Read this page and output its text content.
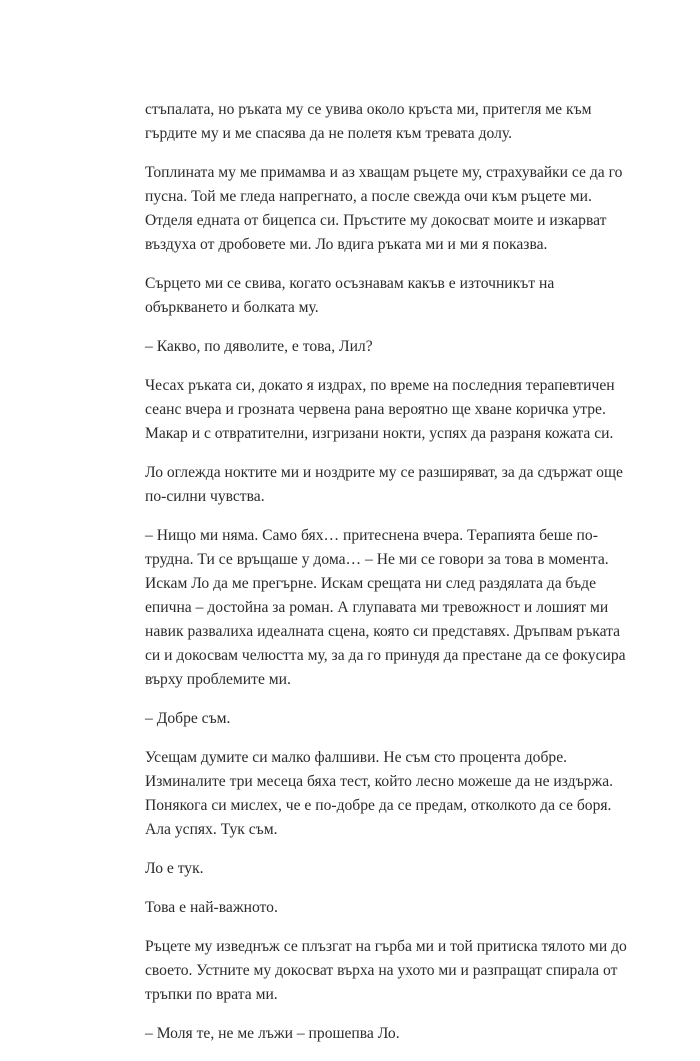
стъпалата, но ръката му се увива около кръста ми, притегля ме към
гърдите му и ме спасява да не полетя към тревата долу.

Топлината му ме примамва и аз хващам ръцете му, страхувайки се да го
пусна. Той ме гледа напрегнато, а после свежда очи към ръцете ми.
Отделя едната от бицепса си. Пръстите му докосват моите и изкарват
въздуха от дробовете ми. Ло вдига ръката ми и ми я показва.

Сърцето ми се свива, когато осъзнавам какъв е източникът на
объркването и болката му.

– Какво, по дяволите, е това, Лил?

Чесах ръката си, докато я издрах, по време на последния терапевтичен
сеанс вчера и грозната червена рана вероятно ще хване коричка утре.
Макар и с отвратителни, изгризани нокти, успях да разраня кожата си.

Ло оглежда ноктите ми и ноздрите му се разширяват, за да сдържат още
по-силни чувства.

– Нищо ми няма. Само бях… притеснена вчера. Терапията беше по-
трудна. Ти се връщаше у дома… – Не ми се говори за това в момента.
Искам Ло да ме прегърне. Искам срещата ни след раздялата да бъде
епична – достойна за роман. А глупавата ми тревожност и лошият ми
навик развалиха идеалната сцена, която си представях. Дръпвам ръката
си и докосвам челюстта му, за да го принудя да престане да се фокусира
върху проблемите ми.

– Добре съм.

Усещам думите си малко фалшиви. Не съм сто процента добре.
Изминалите три месеца бяха тест, който лесно можеше да не издържа.
Понякога си мислех, че е по-добре да се предам, отколкото да се боря.
Ала успях. Тук съм.

Ло е тук.

Това е най-важното.

Ръцете му изведнъж се плъзгат на гърба ми и той притиска тялото ми до
своето. Устните му докосват върха на ухото ми и разпращат спирала от
тръпки по врата ми.

– Моля те, не ме лъжи – прошепва Ло.
